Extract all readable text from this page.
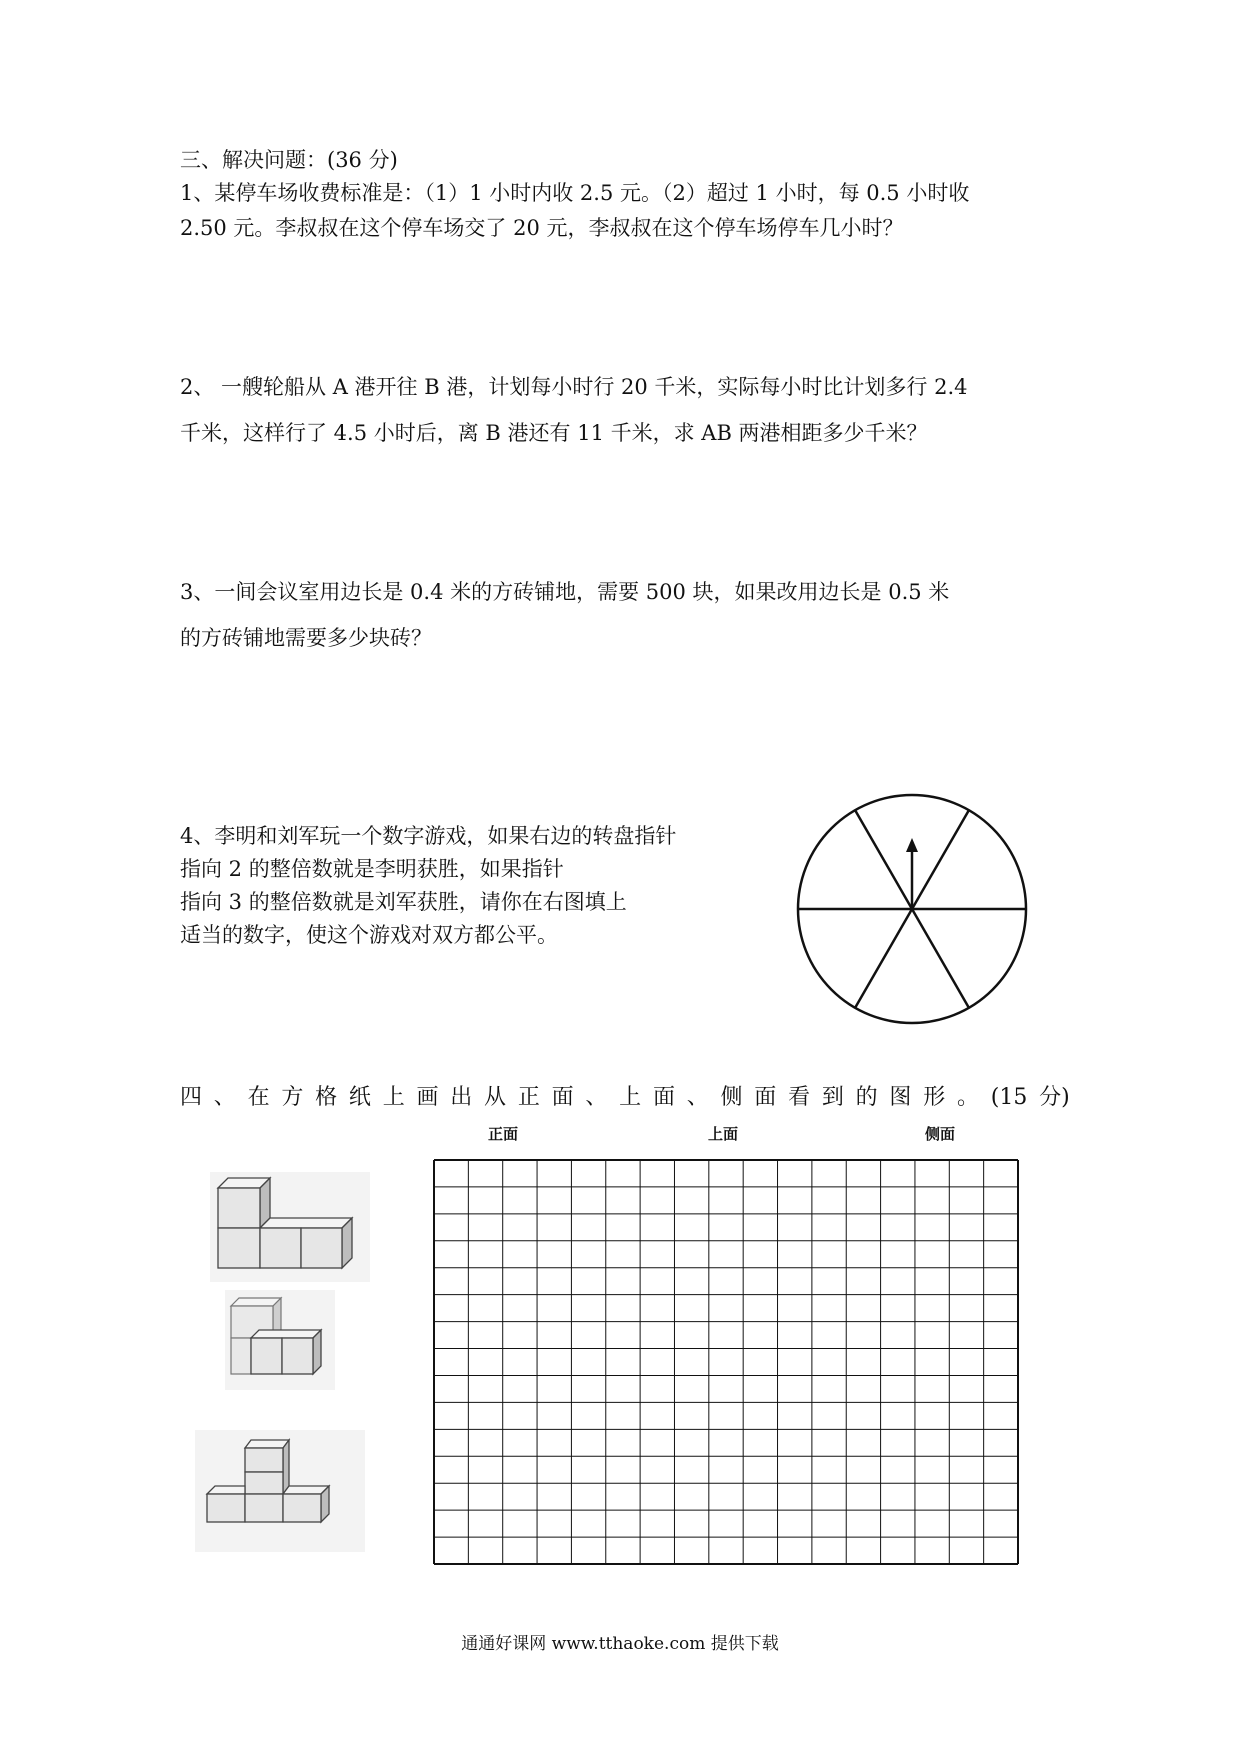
三、解决问题：(36 分)
1、某停车场收费标准是：（1）1 小时内收 2.5 元。（2）超过 1 小时，每 0.5 小时收
2.50 元。李叔叔在这个停车场交了 20 元，李叔叔在这个停车场停车几小时？
2、 一艘轮船从 A 港开往 B 港，计划每小时行 20 千米，实际每小时比计划多行 2.4
千米，这样行了 4.5 小时后，离 B 港还有 11 千米，求 AB 两港相距多少千米？
3、一间会议室用边长是 0.4 米的方砖铺地，需要 500 块，如果改用边长是 0.5 米
的方砖铺地需要多少块砖？
4、李明和刘军玩一个数字游戏，如果右边的转盘指针
指向 2 的整倍数就是李明获胜，如果指针
指向 3 的整倍数就是刘军获胜，请你在右图填上
适当的数字，使这个游戏对双方都公平。
四 、 在 方 格 纸 上 画 出 从 正 面 、 上 面 、 侧 面 看 到 的 图 形 。 (15 分)
正面	上面	侧面
通通好课网 www.tthaoke.com 提供下载
